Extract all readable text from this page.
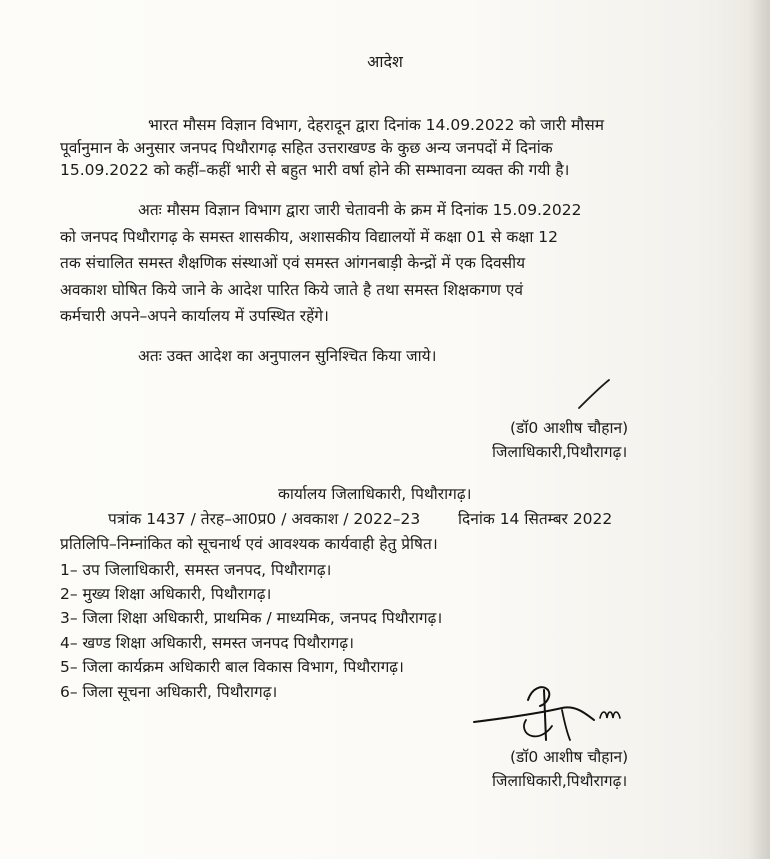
आदेश
भारत मौसम विज्ञान विभाग, देहरादून द्वारा दिनांक 14.09.2022 को जारी मौसम
पूर्वानुमान के अनुसार जनपद पिथौरागढ़ सहित उत्तराखण्ड के कुछ अन्य जनपदों में दिनांक
15.09.2022 को कहीं–कहीं भारी से बहुत भारी वर्षा होने की सम्भावना व्यक्त की गयी है।
अतः मौसम विज्ञान विभाग द्वारा जारी चेतावनी के क्रम में दिनांक 15.09.2022
को जनपद पिथौरागढ़ के समस्त शासकीय, अशासकीय विद्यालयों में कक्षा 01 से कक्षा 12
तक संचालित समस्त शैक्षणिक संस्थाओं एवं समस्त आंगनबाड़ी केन्द्रों में एक दिवसीय
अवकाश घोषित किये जाने के आदेश पारित किये जाते है तथा समस्त शिक्षकगण एवं
कर्मचारी अपने–अपने कार्यालय में उपस्थित रहेंगे।
अतः उक्त आदेश का अनुपालन सुनिश्चित किया जाये।
(डॉ0 आशीष चौहान)
जिलाधिकारी,पिथौरागढ़।
कार्यालय जिलाधिकारी, पिथौरागढ़।
पत्रांक 1437 / तेरह–आ0प्र0 / अवकाश / 2022–23 दिनांक 14 सितम्बर 2022
प्रतिलिपि–निम्नांकित को सूचनार्थ एवं आवश्यक कार्यवाही हेतु प्रेषित।
1– उप जिलाधिकारी, समस्त जनपद, पिथौरागढ़।
2– मुख्य शिक्षा अधिकारी, पिथौरागढ़।
3– जिला शिक्षा अधिकारी, प्राथमिक / माध्यमिक, जनपद पिथौरागढ़।
4– खण्ड शिक्षा अधिकारी, समस्त जनपद पिथौरागढ़।
5– जिला कार्यक्रम अधिकारी बाल विकास विभाग, पिथौरागढ़।
6– जिला सूचना अधिकारी, पिथौरागढ़।
(डॉ0 आशीष चौहान)
जिलाधिकारी,पिथौरागढ़।
